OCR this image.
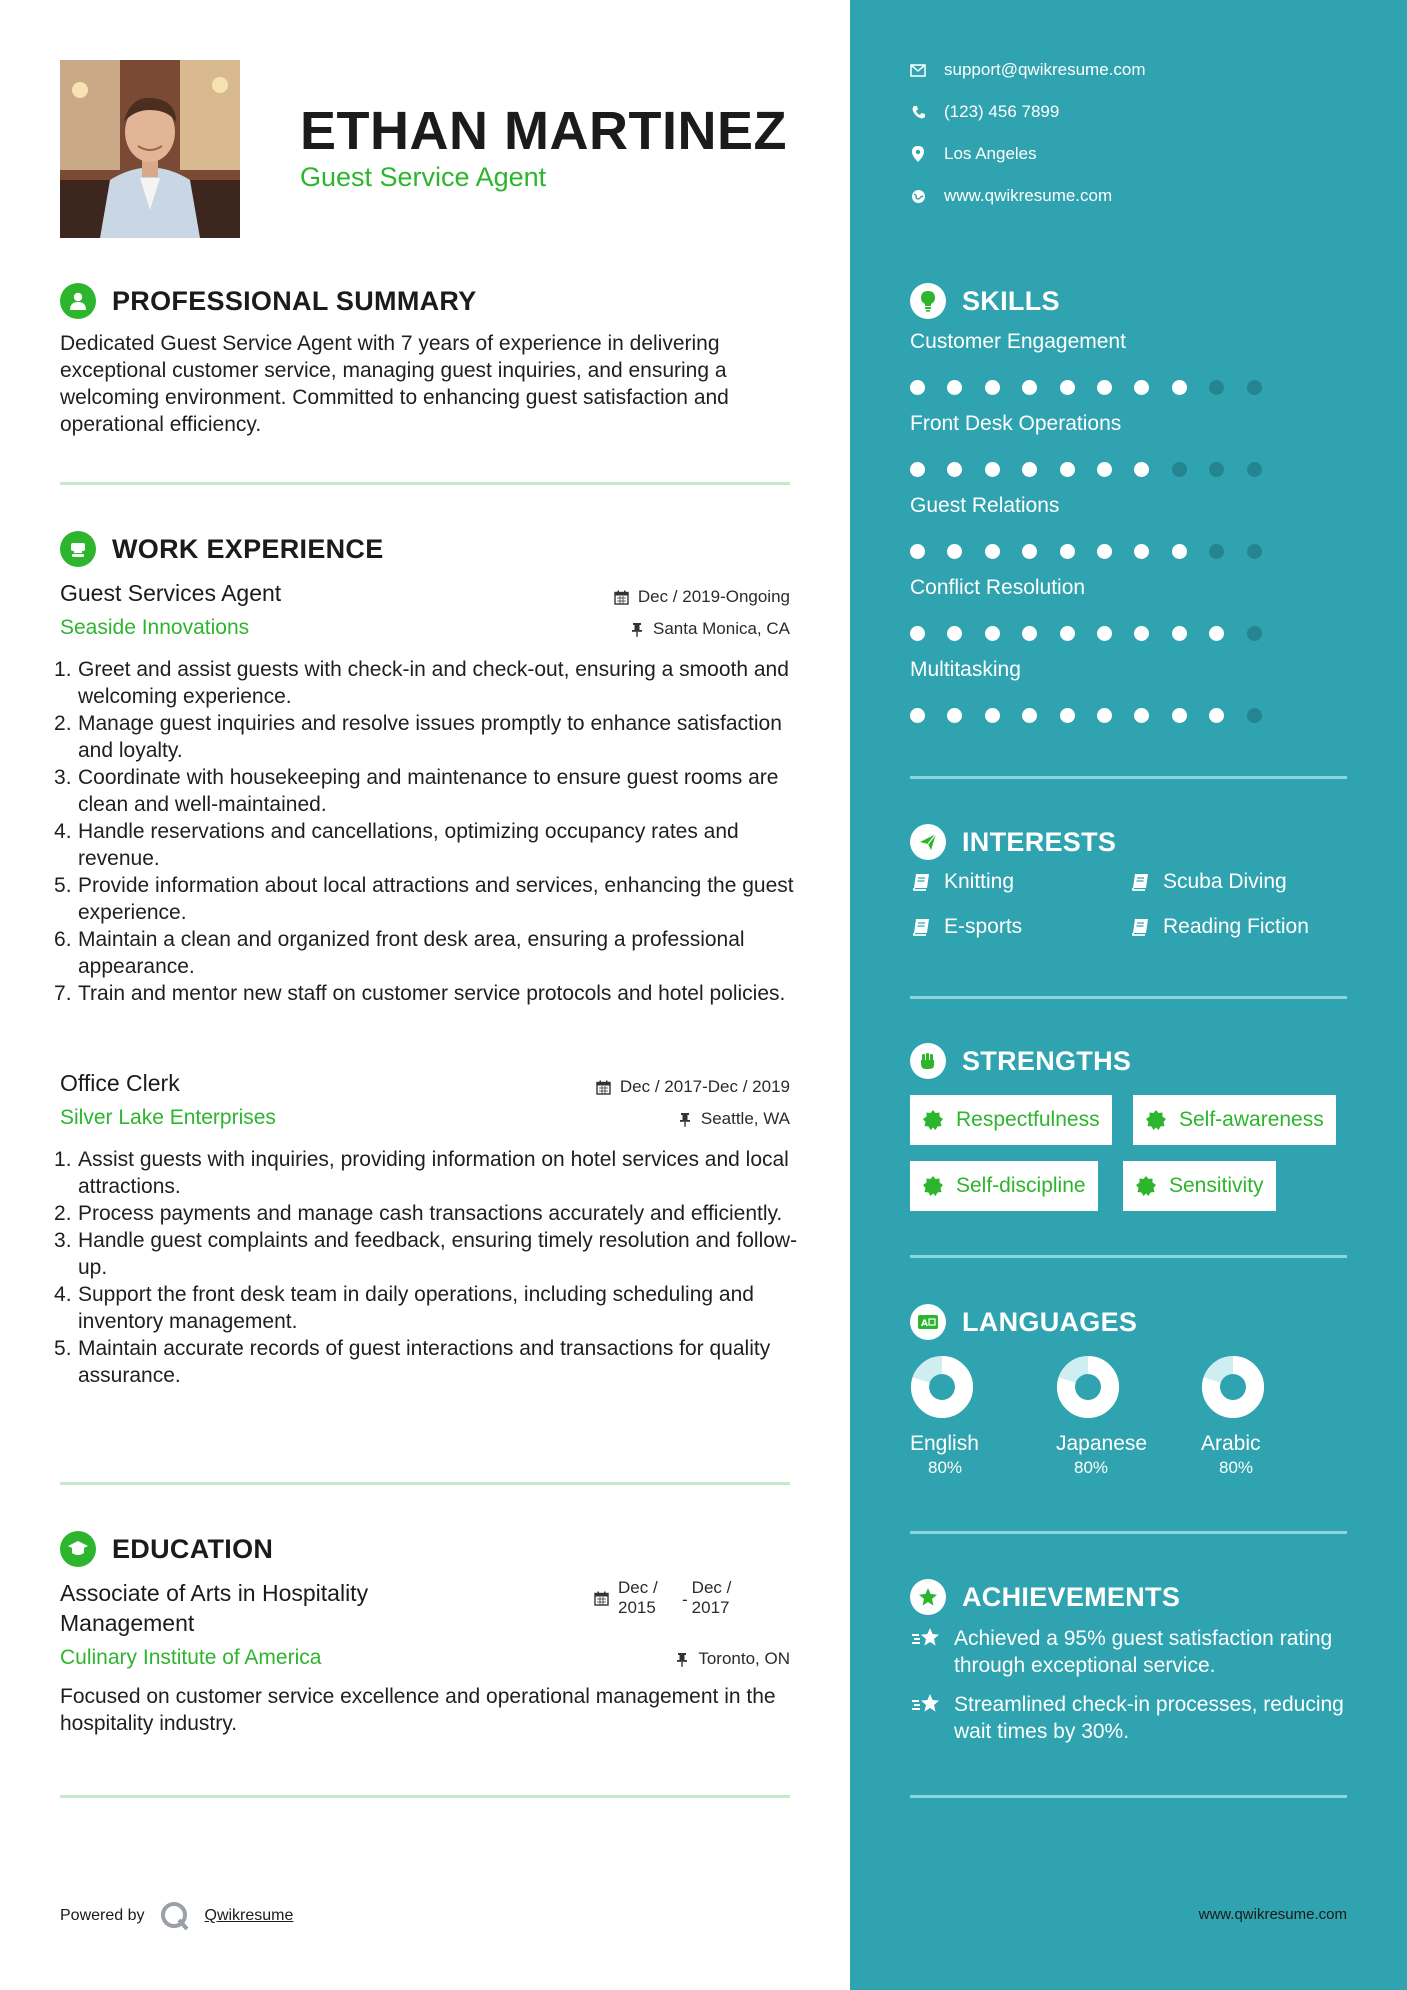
ETHAN MARTINEZ
Guest Service Agent
PROFESSIONAL SUMMARY
Dedicated Guest Service Agent with 7 years of experience in delivering exceptional customer service, managing guest inquiries, and ensuring a welcoming environment. Committed to enhancing guest satisfaction and operational efficiency.
WORK EXPERIENCE
Guest Services Agent
Seaside Innovations
Dec / 2019-Ongoing
Santa Monica, CA
Greet and assist guests with check-in and check-out, ensuring a smooth and welcoming experience.
Manage guest inquiries and resolve issues promptly to enhance satisfaction and loyalty.
Coordinate with housekeeping and maintenance to ensure guest rooms are clean and well-maintained.
Handle reservations and cancellations, optimizing occupancy rates and revenue.
Provide information about local attractions and services, enhancing the guest experience.
Maintain a clean and organized front desk area, ensuring a professional appearance.
Train and mentor new staff on customer service protocols and hotel policies.
Office Clerk
Silver Lake Enterprises
Dec / 2017-Dec / 2019
Seattle, WA
Assist guests with inquiries, providing information on hotel services and local attractions.
Process payments and manage cash transactions accurately and efficiently.
Handle guest complaints and feedback, ensuring timely resolution and follow-up.
Support the front desk team in daily operations, including scheduling and inventory management.
Maintain accurate records of guest interactions and transactions for quality assurance.
EDUCATION
Associate of Arts in Hospitality Management
Dec /
2015	-
Dec /
2017
Culinary Institute of America	Toronto, ON
Focused on customer service excellence and operational management in the hospitality industry.
Powered by	Qwikresume
support@qwikresume.com
(123) 456 7899
Los Angeles
www.qwikresume.com
SKILLS
Customer Engagement
Front Desk Operations
Guest Relations
Conflict Resolution
Multitasking
INTERESTS
Knitting	Scuba Diving
E-sports	Reading Fiction
STRENGTHS
Respectfulness	Self-awareness
Self-discipline	Sensitivity
A LANGUAGES
English
80%
Japanese
80%
Arabic
80%
ACHIEVEMENTS
Achieved a 95% guest satisfaction rating through exceptional service.
Streamlined check-in processes, reducing wait times by 30%.
www.qwikresume.com
